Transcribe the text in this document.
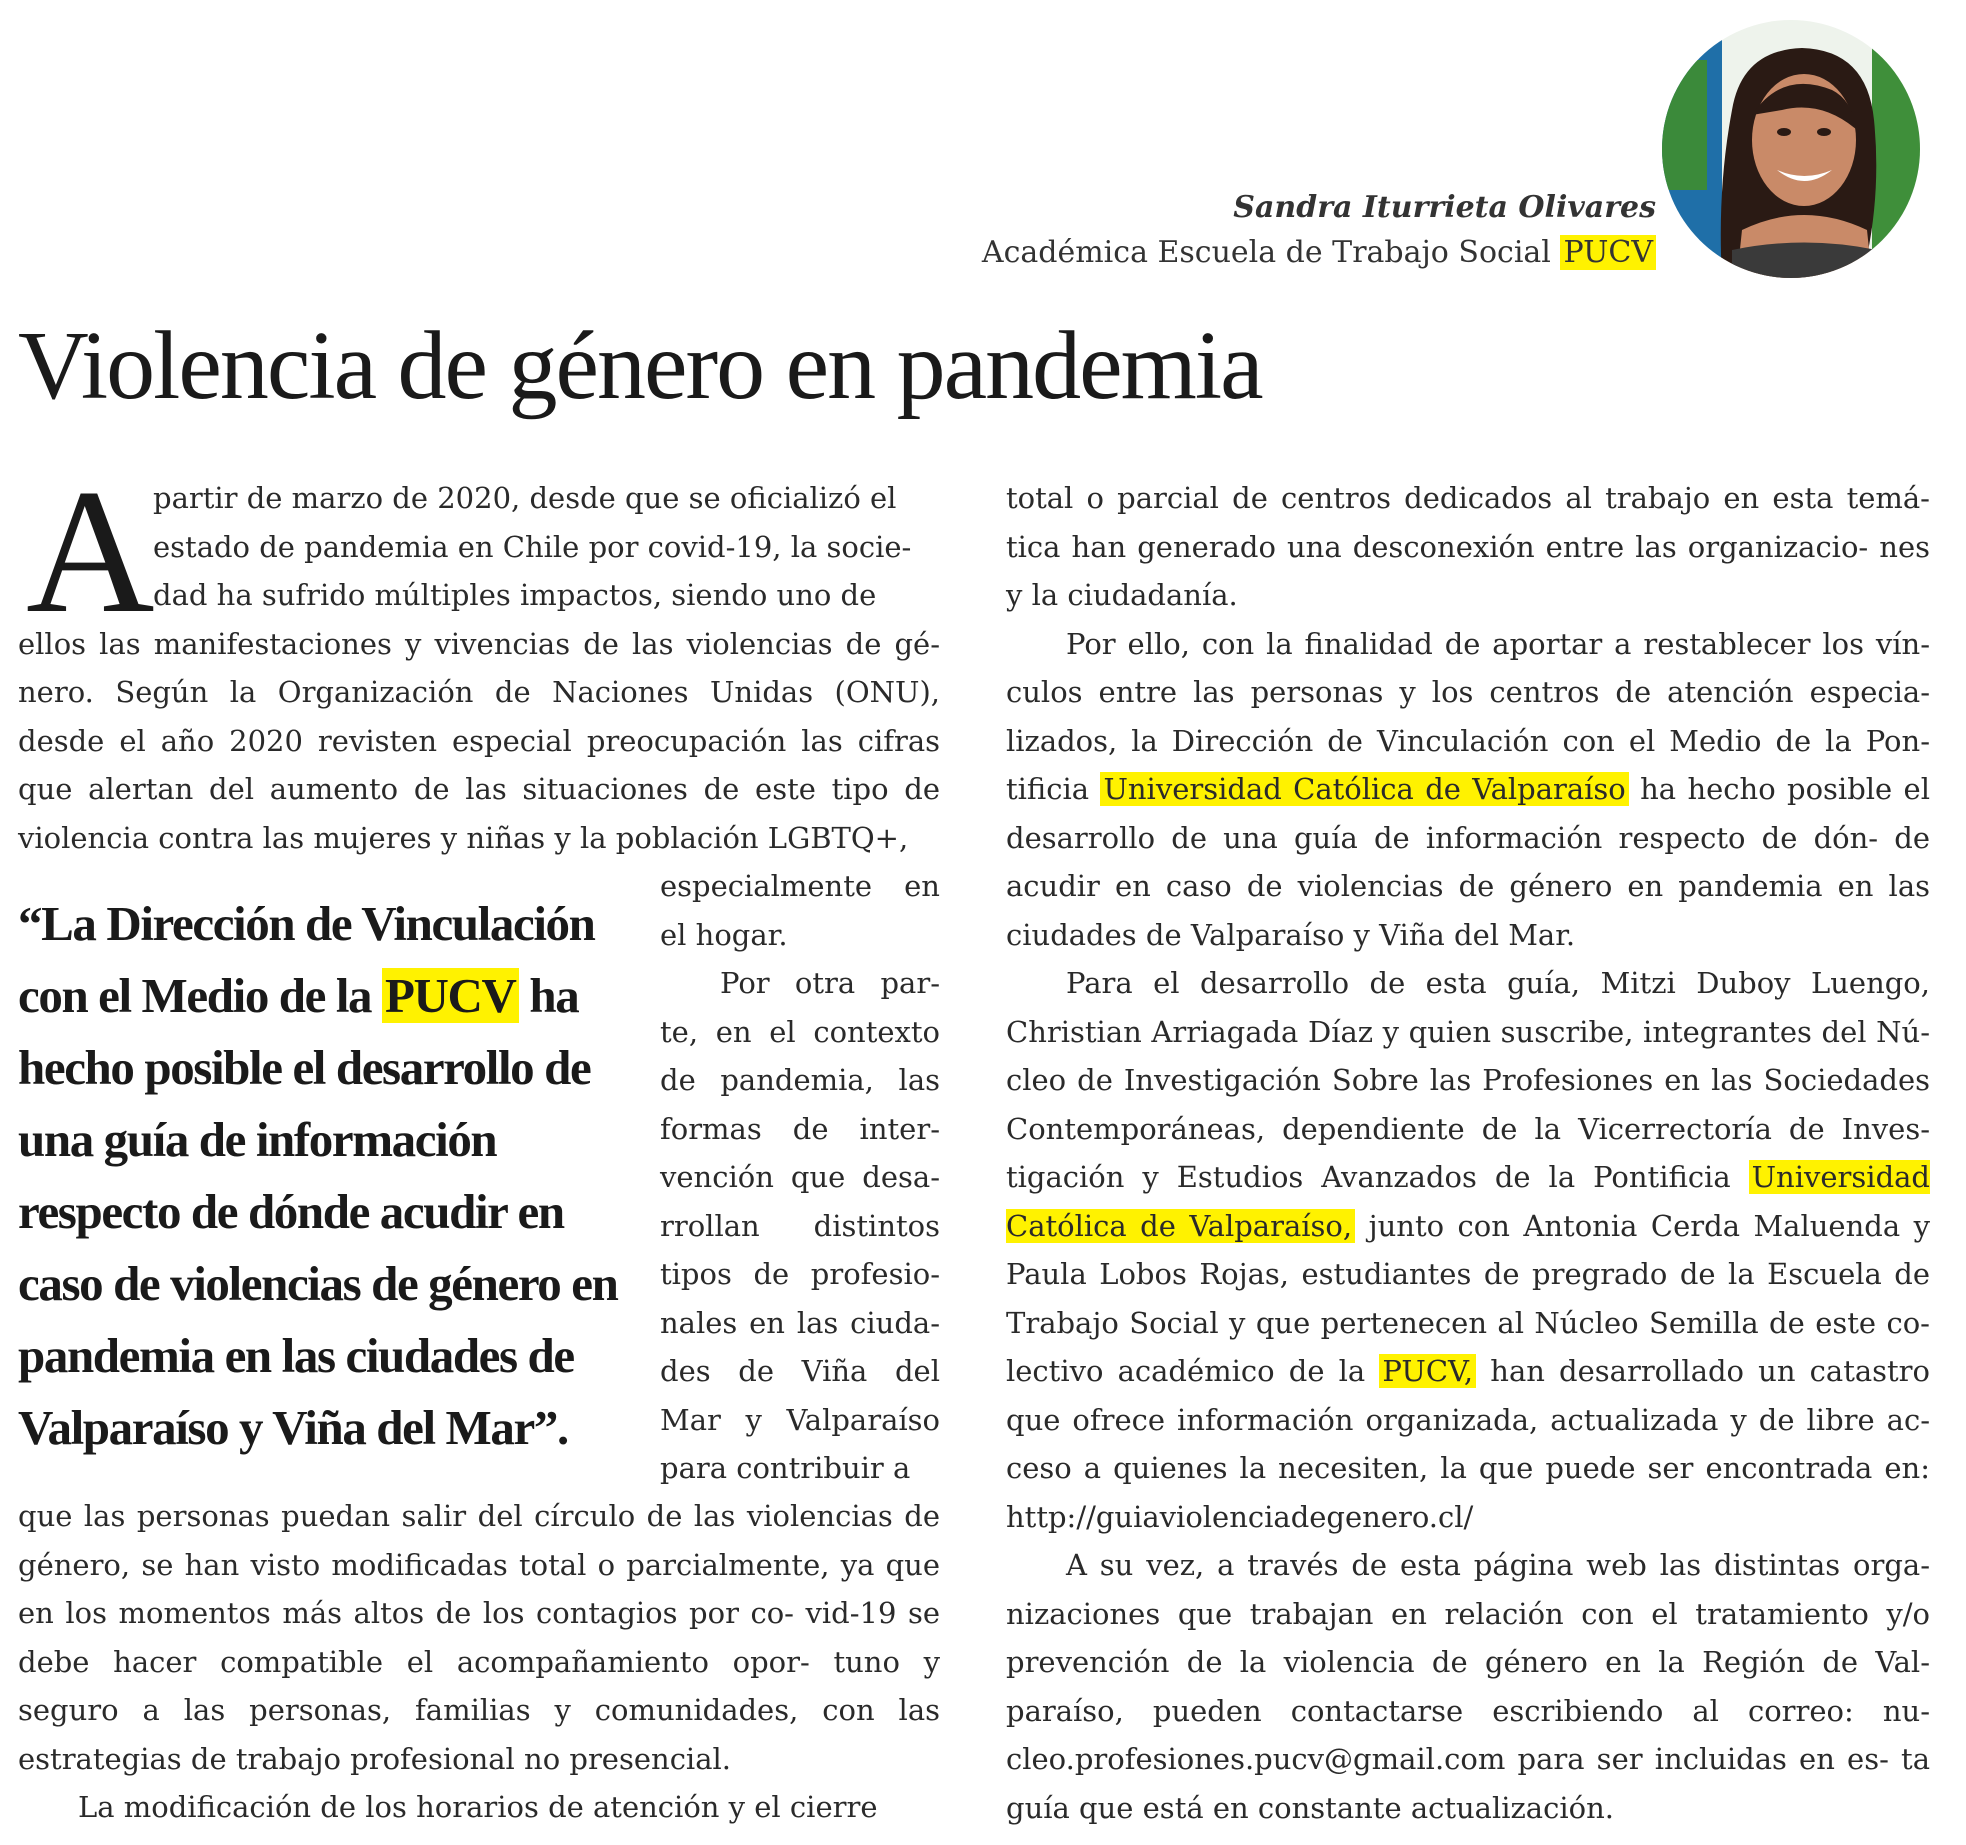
Sandra Iturrieta Olivares
Académica Escuela de Trabajo Social PUCV
Violencia de género en pandemia
A
partir de marzo de 2020, desde que se oficializó el
estado de pandemia en Chile por covid-19, la socie-
dad ha sufrido múltiples impactos, siendo uno de
ellos las manifestaciones y vivencias de las violencias de gé- nero. Según la Organización de Naciones Unidas (ONU), desde el año 2020 revisten especial preocupación las cifras que alertan del aumento de las situaciones de este tipo de violencia contra las mujeres y niñas y la población LGBTQ+,
“La Dirección de Vinculación con el Medio de la PUCV ha hecho posible el desarrollo de una guía de información respecto de dónde acudir en caso de violencias de género en pandemia en las ciudades de Valparaíso y Viña del Mar”.

especialmente en el hogar.

Por otra par- te, en el contexto de pandemia, las formas de inter- vención que desa- rrollan distintos tipos de profesio- nales en las ciuda- des de Viña del Mar y Valparaíso para contribuir a

que las personas puedan salir del círculo de las violencias de género, se han visto modificadas total o parcialmente, ya que en los momentos más altos de los contagios por co- vid-19 se debe hacer compatible el acompañamiento opor- tuno y seguro a las personas, familias y comunidades, con las estrategias de trabajo profesional no presencial.

La modificación de los horarios de atención y el cierre

total o parcial de centros dedicados al trabajo en esta temá- tica han generado una desconexión entre las organizacio- nes y la ciudadanía.

Por ello, con la finalidad de aportar a restablecer los vín- culos entre las personas y los centros de atención especia- lizados, la Dirección de Vinculación con el Medio de la Pon- tificia Universidad Católica de Valparaíso ha hecho posible el desarrollo de una guía de información respecto de dón- de acudir en caso de violencias de género en pandemia en las ciudades de Valparaíso y Viña del Mar.

Para el desarrollo de esta guía, Mitzi Duboy Luengo, Christian Arriagada Díaz y quien suscribe, integrantes del Nú- cleo de Investigación Sobre las Profesiones en las Sociedades Contemporáneas, dependiente de la Vicerrectoría de Inves- tigación y Estudios Avanzados de la Pontificia Universidad Católica de Valparaíso, junto con Antonia Cerda Maluenda y Paula Lobos Rojas, estudiantes de pregrado de la Escuela de Trabajo Social y que pertenecen al Núcleo Semilla de este co- lectivo académico de la PUCV, han desarrollado un catastro que ofrece información organizada, actualizada y de libre ac- ceso a quienes la necesiten, la que puede ser encontrada en: http://guiaviolenciadegenero.cl/

A su vez, a través de esta página web las distintas orga- nizaciones que trabajan en relación con el tratamiento y/o prevención de la violencia de género en la Región de Val- paraíso, pueden contactarse escribiendo al correo: nu- cleo.profesiones.pucv@gmail.com para ser incluidas en es- ta guía que está en constante actualización.
